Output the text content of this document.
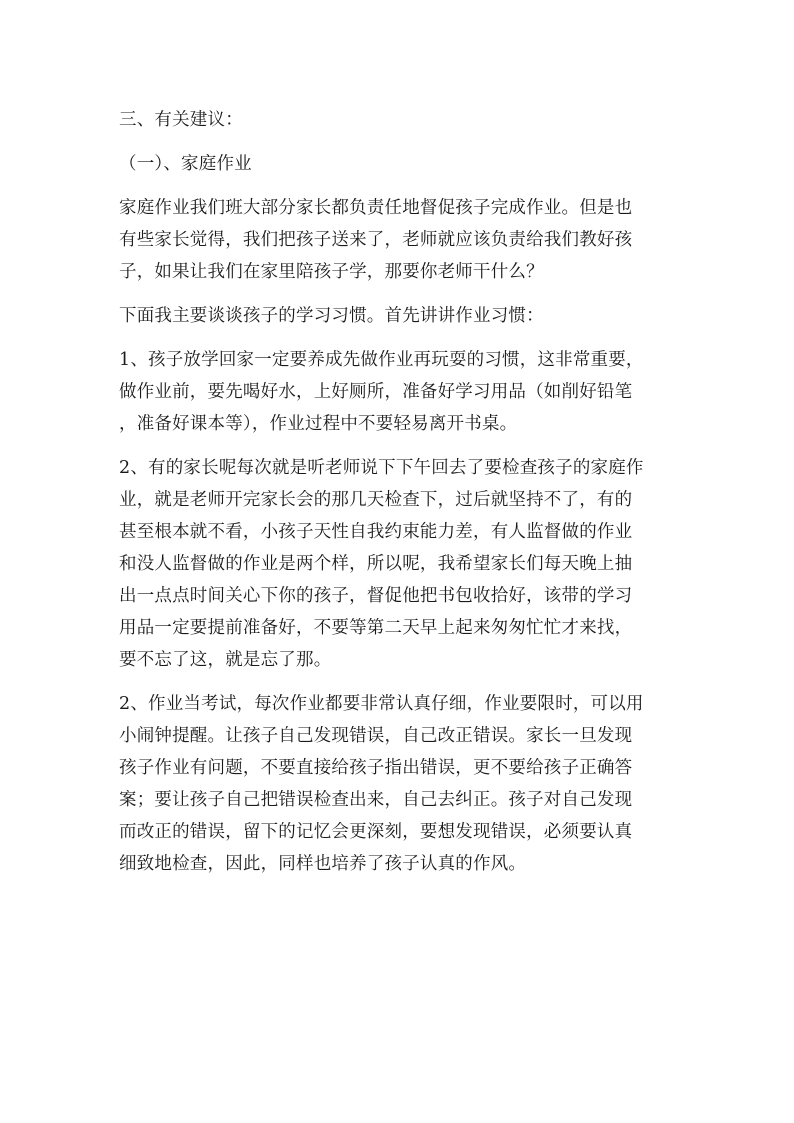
三、有关建议：

（一）、家庭作业

家庭作业我们班大部分家长都负责任地督促孩子完成作业。但是也

有些家长觉得，我们把孩子送来了，老师就应该负责给我们教好孩

子，如果让我们在家里陪孩子学，那要你老师干什么？

下面我主要谈谈孩子的学习习惯。首先讲讲作业习惯：

1、孩子放学回家一定要养成先做作业再玩耍的习惯，这非常重要，

做作业前，要先喝好水，上好厕所，准备好学习用品（如削好铅笔

，准备好课本等），作业过程中不要轻易离开书桌。

2、有的家长呢每次就是听老师说下下午回去了要检查孩子的家庭作

业，就是老师开完家长会的那几天检查下，过后就坚持不了，有的

甚至根本就不看，小孩子天性自我约束能力差，有人监督做的作业

和没人监督做的作业是两个样，所以呢，我希望家长们每天晚上抽

出一点点时间关心下你的孩子，督促他把书包收拾好，该带的学习

用品一定要提前准备好，不要等第二天早上起来匆匆忙忙才来找，

要不忘了这，就是忘了那。

2、作业当考试，每次作业都要非常认真仔细，作业要限时，可以用

小闹钟提醒。让孩子自己发现错误，自己改正错误。家长一旦发现

孩子作业有问题，不要直接给孩子指出错误，更不要给孩子正确答

案；要让孩子自己把错误检查出来，自己去纠正。孩子对自己发现

而改正的错误，留下的记忆会更深刻，要想发现错误，必须要认真

细致地检查，因此，同样也培养了孩子认真的作风。
